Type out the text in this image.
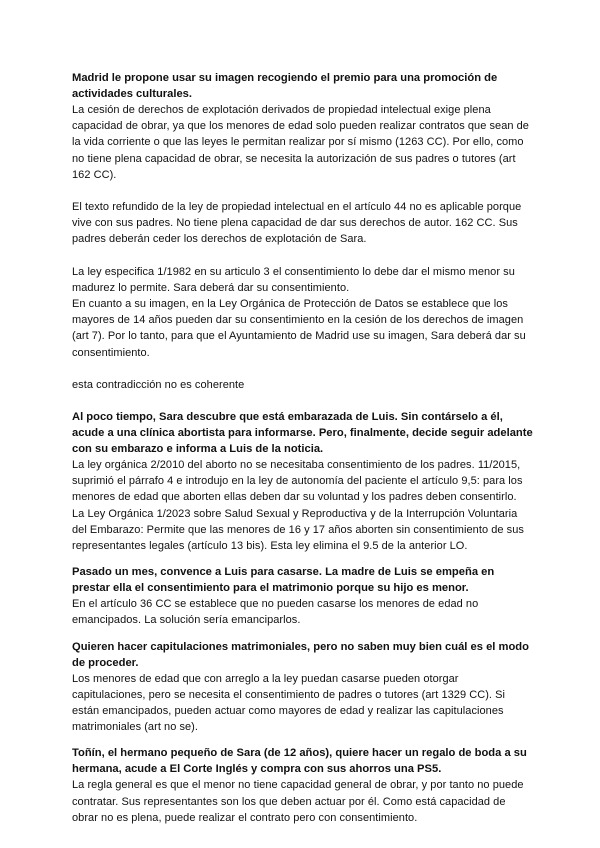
Madrid le propone usar su imagen recogiendo el premio para una promoción de actividades culturales.

La cesión de derechos de explotación derivados de propiedad intelectual exige plena capacidad de obrar, ya que los menores de edad solo pueden realizar contratos que sean de la vida corriente o que las leyes le permitan realizar por sí mismo (1263 CC). Por ello, como no tiene plena capacidad de obrar, se necesita la autorización de sus padres o tutores (art 162 CC).

El texto refundido de la ley de propiedad intelectual en el artículo 44 no es aplicable porque vive con sus padres. No tiene plena capacidad de dar sus derechos de autor. 162 CC. Sus padres deberán ceder los derechos de explotación de Sara.

La ley especifica 1/1982 en su articulo 3 el consentimiento lo debe dar el mismo menor su madurez lo permite. Sara deberá dar su consentimiento.

En cuanto a su imagen, en la Ley Orgánica de Protección de Datos se establece que los mayores de 14 años pueden dar su consentimiento en la cesión de los derechos de imagen (art 7). Por lo tanto, para que el Ayuntamiento de Madrid use su imagen, Sara deberá dar su consentimiento.

esta contradicción no es coherente

Al poco tiempo, Sara descubre que está embarazada de Luis. Sin contárselo a él, acude a una clínica abortista para informarse. Pero, finalmente, decide seguir adelante con su embarazo e informa a Luis de la noticia.

La ley orgánica 2/2010 del aborto no se necesitaba consentimiento de los padres. 11/2015, suprimió el párrafo 4 e introdujo en la ley de autonomía del paciente el artículo 9,5: para los menores de edad que aborten ellas deben dar su voluntad y los padres deben consentirlo.

La Ley Orgánica 1/2023 sobre Salud Sexual y Reproductiva y de la Interrupción Voluntaria del Embarazo: Permite que las menores de 16 y 17 años aborten sin consentimiento de sus representantes legales (artículo 13 bis). Esta ley elimina el 9.5 de la anterior LO.

Pasado un mes, convence a Luis para casarse. La madre de Luis se empeña en prestar ella el consentimiento para el matrimonio porque su hijo es menor.

En el artículo 36 CC se establece que no pueden casarse los menores de edad no emancipados. La solución sería emanciparlos.

Quieren hacer capitulaciones matrimoniales, pero no saben muy bien cuál es el modo de proceder.

Los menores de edad que con arreglo a la ley puedan casarse pueden otorgar capitulaciones, pero se necesita el consentimiento de padres o tutores (art 1329 CC). Si están emancipados, pueden actuar como mayores de edad y realizar las capitulaciones matrimoniales (art no se).

Toñín, el hermano pequeño de Sara (de 12 años), quiere hacer un regalo de boda a su hermana, acude a El Corte Inglés y compra con sus ahorros una PS5.

La regla general es que el menor no tiene capacidad general de obrar, y por tanto no puede contratar. Sus representantes son los que deben actuar por él. Como está capacidad de obrar no es plena, puede realizar el contrato pero con consentimiento.
